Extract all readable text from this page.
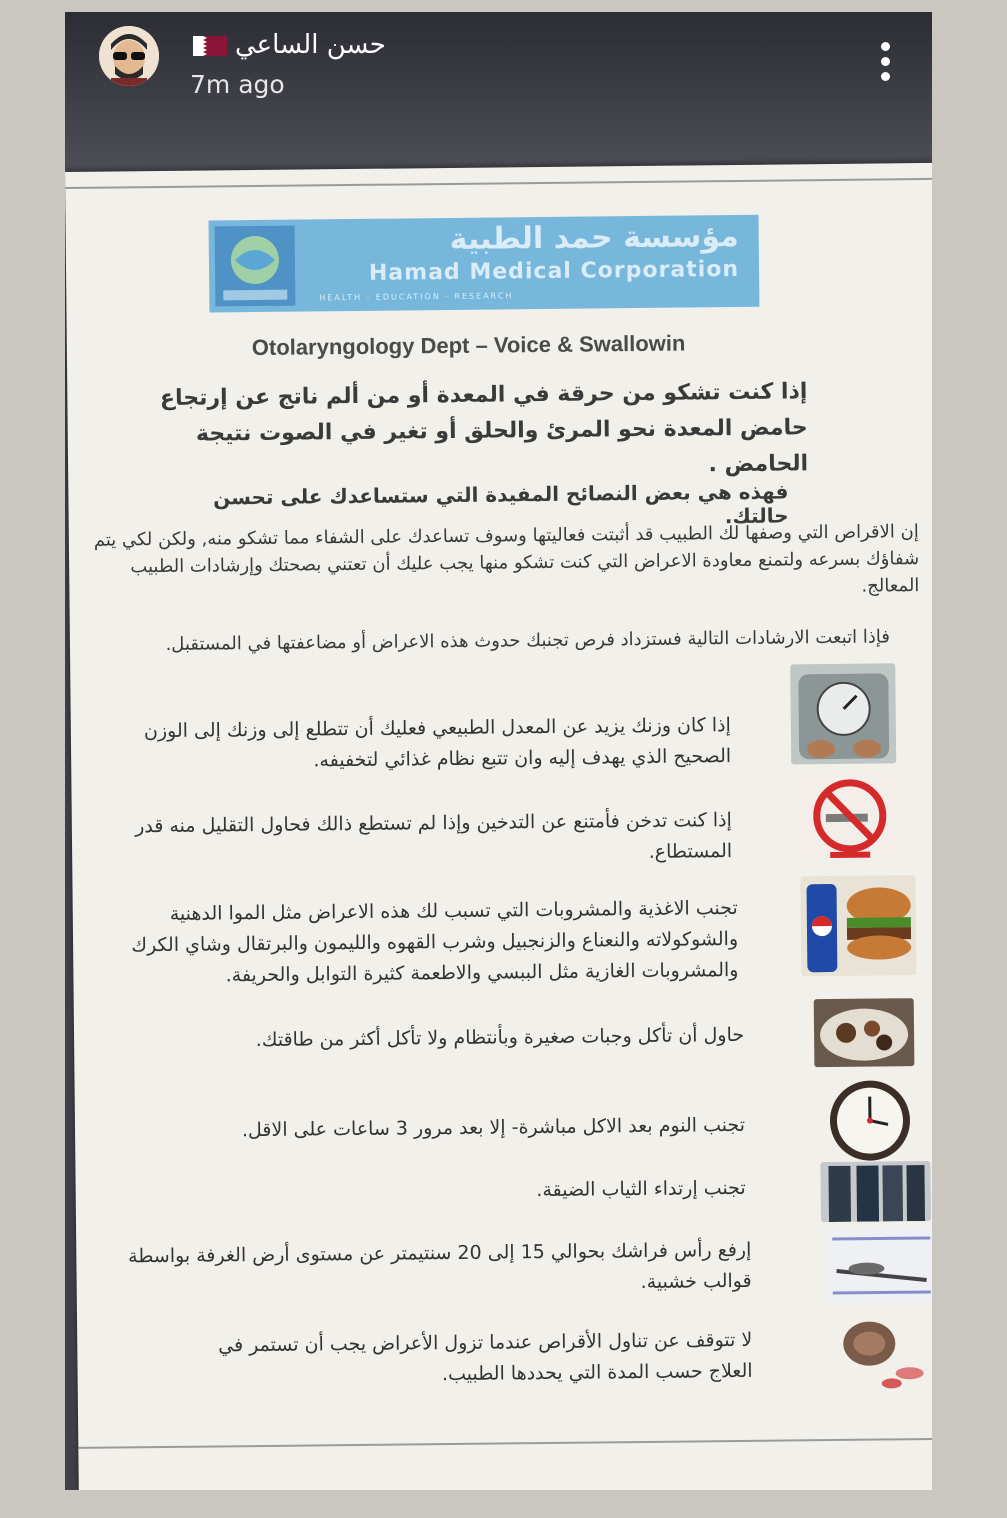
مؤسسة حمد الطبية
Hamad Medical Corporation
HEALTH · EDUCATION · RESEARCH
Otolaryngology Dept – Voice & Swallowin
إذا كنت تشكو من حرقة في المعدة أو من ألم ناتج عن إرتجاع حامض المعدة نحو المرئ والحلق أو تغير في الصوت نتيجة الحامض .
فهذه هي بعض النصائح المفيدة التي ستساعدك على تحسن حالتك.
إن الاقراص التي وصفها لك الطبيب قد أثبتت فعاليتها وسوف تساعدك على الشفاء مما تشكو منه, ولكن لكي يتم شفاؤك بسرعه ولتمنع معاودة الاعراض التي كنت تشكو منها يجب عليك أن تعتني بصحتك وإرشادات الطبيب المعالج.
فإذا اتبعت الارشادات التالية فستزداد فرص تجنبك حدوث هذه الاعراض أو مضاعفتها في المستقبل.
إذا كان وزنك يزيد عن المعدل الطبيعي فعليك أن تتطلع إلى وزنك إلى الوزن الصحيح الذي يهدف إليه وان تتبع نظام غذائي لتخفيفه.
إذا كنت تدخن فأمتنع عن التدخين وإذا لم تستطع ذالك فحاول التقليل منه قدر المستطاع.
تجنب الاغذية والمشروبات التي تسبب لك هذه الاعراض مثل الموا الدهنية والشوكولاته والنعناع والزنجبيل وشرب القهوه والليمون والبرتقال وشاي الكرك والمشروبات الغازية مثل الببسي والاطعمة كثيرة التوابل والحريفة.
حاول أن تأكل وجبات صغيرة وبأنتظام ولا تأكل أكثر من طاقتك.
تجنب النوم بعد الاكل مباشرة- إلا بعد مرور 3 ساعات على الاقل.
تجنب إرتداء الثياب الضيقة.
إرفع رأس فراشك بحوالي 15 إلى 20 سنتيمتر عن مستوى أرض الغرفة بواسطة قوالب خشبية.
لا تتوقف عن تناول الأقراص عندما تزول الأعراض يجب أن تستمر في العلاج حسب المدة التي يحددها الطبيب.
حسن الساعي
7m ago
